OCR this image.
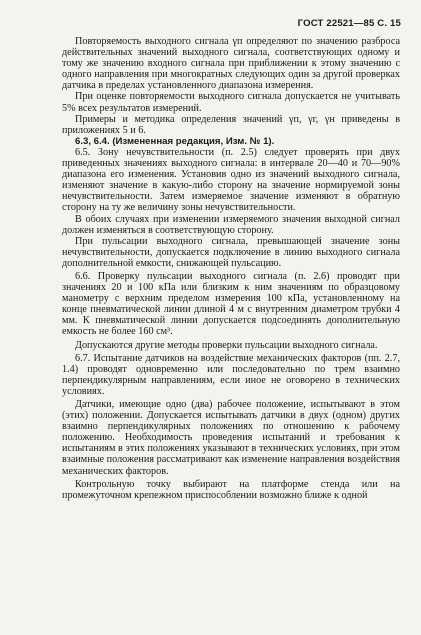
ГОСТ 22521—85 С. 15

Повторяемость выходного сигнала γп определяют по значению разброса действительных значений выходного сигнала, соответствующих одному и тому же значению входного сигнала при приближении к этому значению с одного направления при многократных следующих один за другой проверках датчика в пределах установленного диапазона измерения.

При оценке повторяемости выходного сигнала допускается не учитывать 5% всех результатов измерений.

Примеры и методика определения значений γп, γг, γн приведены в приложениях 5 и 6.

6.3, 6.4. (Измененная редакция, Изм. № 1).

6.5. Зону нечувствительности (п. 2.5) следует проверять при двух приведенных значениях выходного сигнала: в интервале 20—40 и 70—90% диапазона его изменения. Установив одно из значений выходного сигнала, изменяют значение в какую-либо сторону на значение нормируемой зоны нечувствительности. Затем измеряемое значение изменяют в обратную сторону на ту же величину зоны нечувствительности.

В обоих случаях при изменении измеряемого значения выходной сигнал должен изменяться в соответствующую сторону.

При пульсации выходного сигнала, превышающей значение зоны нечувствительности, допускается подключение в линию выходного сигнала дополнительной емкости, снижающей пульсацию.

6.6. Проверку пульсации выходного сигнала (п. 2.6) проводят при значениях 20 и 100 кПа или близким к ним значениям по образцовому манометру с верхним пределом измерения 100 кПа, установленному на конце пневматической линии длиной 4 м с внутренним диаметром трубки 4 мм. К пневматической линии допускается подсоединять дополнительную емкость не более 160 см³.

Допускаются другие методы проверки пульсации выходного сигнала.

6.7. Испытание датчиков на воздействие механических факторов (пп. 2.7, 1.4) проводят одновременно или последовательно по трем взаимно перпендикулярным направлениям, если иное не оговорено в технических условиях.

Датчики, имеющие одно (два) рабочее положение, испытывают в этом (этих) положении. Допускается испытывать датчики в двух (одном) других взаимно перпендикулярных положениях по отношению к рабочему положению. Необходимость проведения испытаний и требования к испытаниям в этих положениях указывают в технических условиях, при этом взаимные положения рассматривают как изменение направления воздействия механических факторов.

Контрольную точку выбирают на платформе стенда или на промежуточном крепежном приспособлении возможно ближе к одной
